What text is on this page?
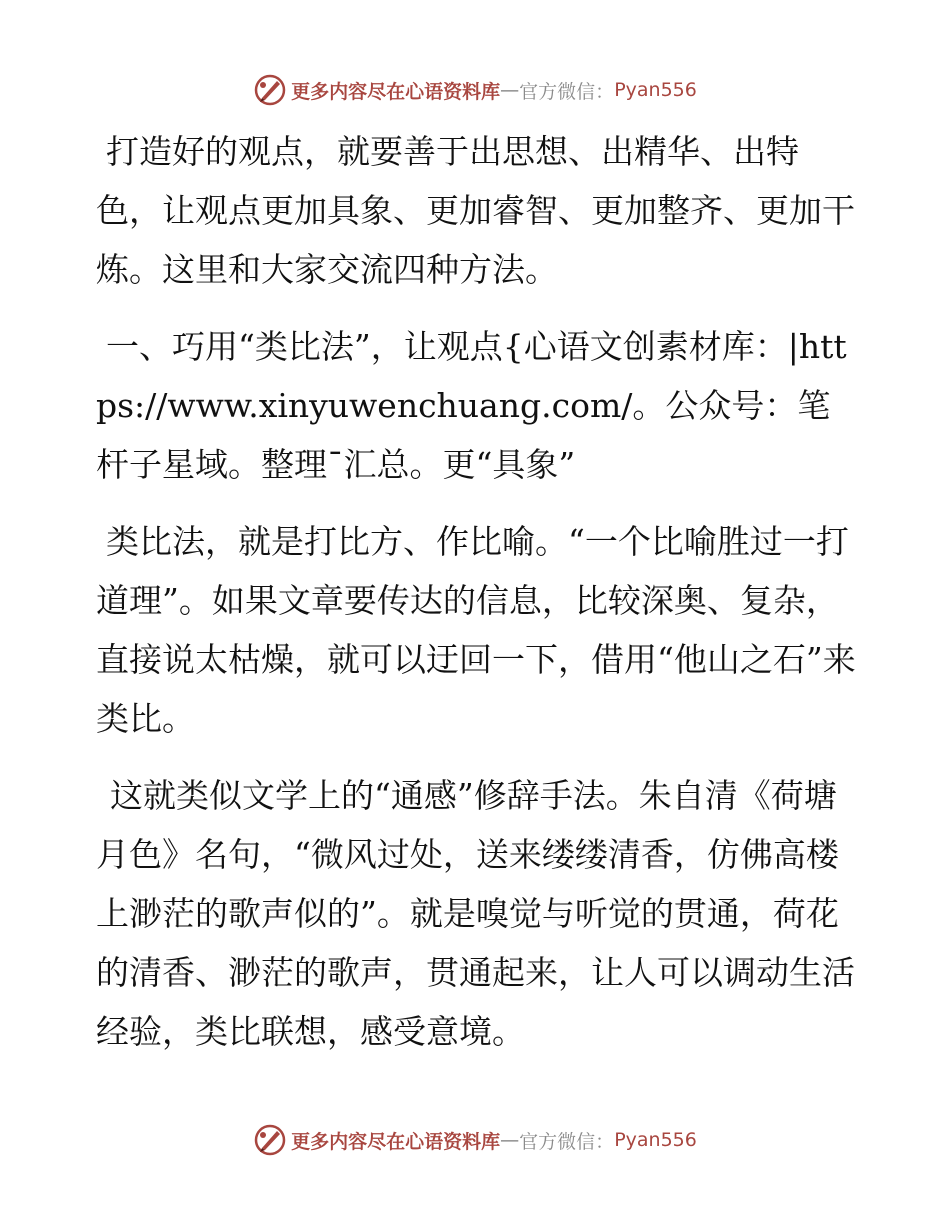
更多内容尽在心语资料库 — 官方微信： Pyan556

打造好的观点，就要善于出思想、出精华、出特色，让观点更加具象、更加睿智、更加整齐、更加干炼。这里和大家交流四种方法。

一、巧用“类比法”，让观点{心语文创素材库：|https://www.xinyuwenchuang.com/。公众号：笔杆子星域。整理¯汇总。更“具象”

类比法，就是打比方、作比喻。“一个比喻胜过一打道理”。如果文章要传达的信息，比较深奥、复杂，直接说太枯燥，就可以迂回一下，借用“他山之石”来类比。

这就类似文学上的“通感”修辞手法。朱自清《荷塘月色》名句，“微风过处，送来缕缕清香，仿佛高楼上渺茫的歌声似的”。就是嗅觉与听觉的贯通，荷花的清香、渺茫的歌声，贯通起来，让人可以调动生活经验，类比联想，感受意境。

更多内容尽在心语资料库 — 官方微信： Pyan556
